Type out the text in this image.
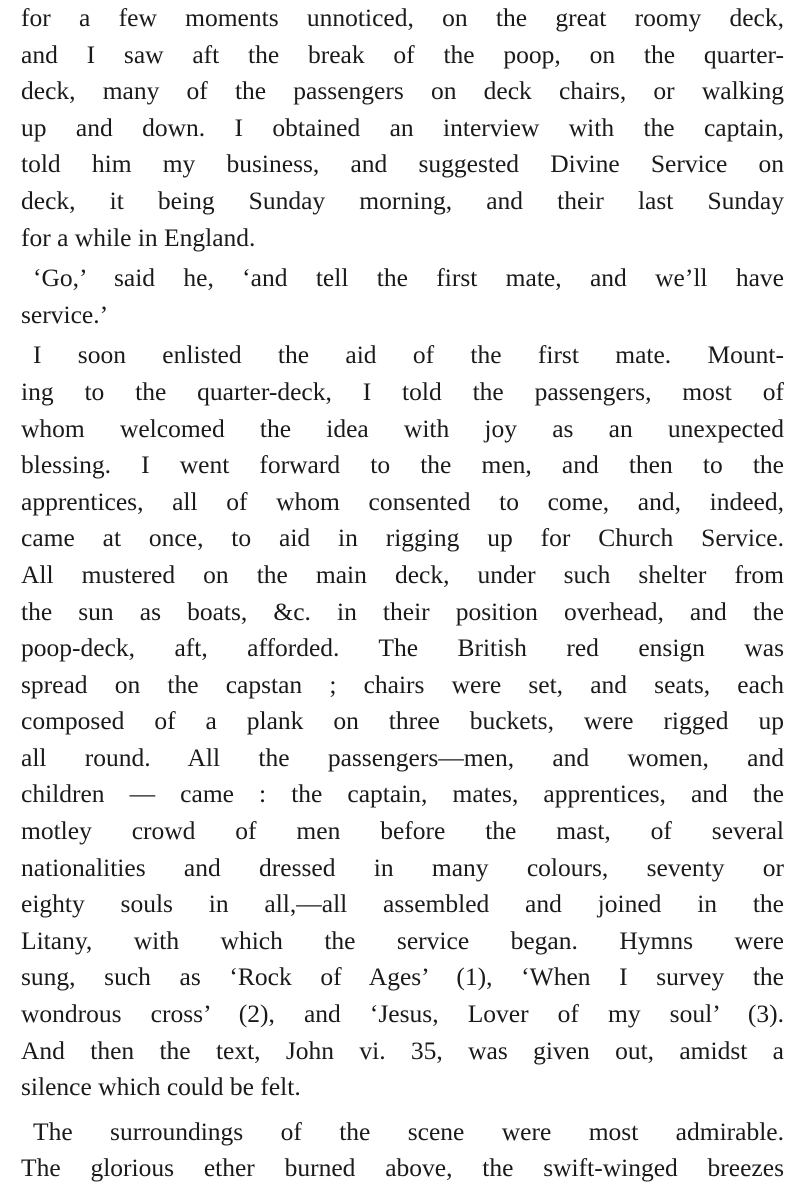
for a few moments unnoticed, on the great roomy deck,
and I saw aft the break of the poop, on the quarter-
deck, many of the passengers on deck chairs, or walking
up and down. I obtained an interview with the captain,
told him my business, and suggested Divine Service on
deck, it being Sunday morning, and their last Sunday
for a while in England.
‘Go,’ said he, ‘and tell the first mate, and we’ll have
service.’
I soon enlisted the aid of the first mate. Mount-
ing to the quarter-deck, I told the passengers, most of
whom welcomed the idea with joy as an unexpected
blessing. I went forward to the men, and then to the
apprentices, all of whom consented to come, and, indeed,
came at once, to aid in rigging up for Church Service.
All mustered on the main deck, under such shelter from
the sun as boats, &c. in their position overhead, and the
poop-deck, aft, afforded. The British red ensign was
spread on the capstan ; chairs were set, and seats, each
composed of a plank on three buckets, were rigged up
all round. All the passengers—men, and women, and
children — came : the captain, mates, apprentices, and the
motley crowd of men before the mast, of several
nationalities and dressed in many colours, seventy or
eighty souls in all,—all assembled and joined in the
Litany, with which the service began. Hymns were
sung, such as ‘Rock of Ages’ (1), ‘When I survey the
wondrous cross’ (2), and ‘Jesus, Lover of my soul’ (3).
And then the text, John vi. 35, was given out, amidst a
silence which could be felt.
The surroundings of the scene were most admirable.
The glorious ether burned above, the swift-winged breezes
